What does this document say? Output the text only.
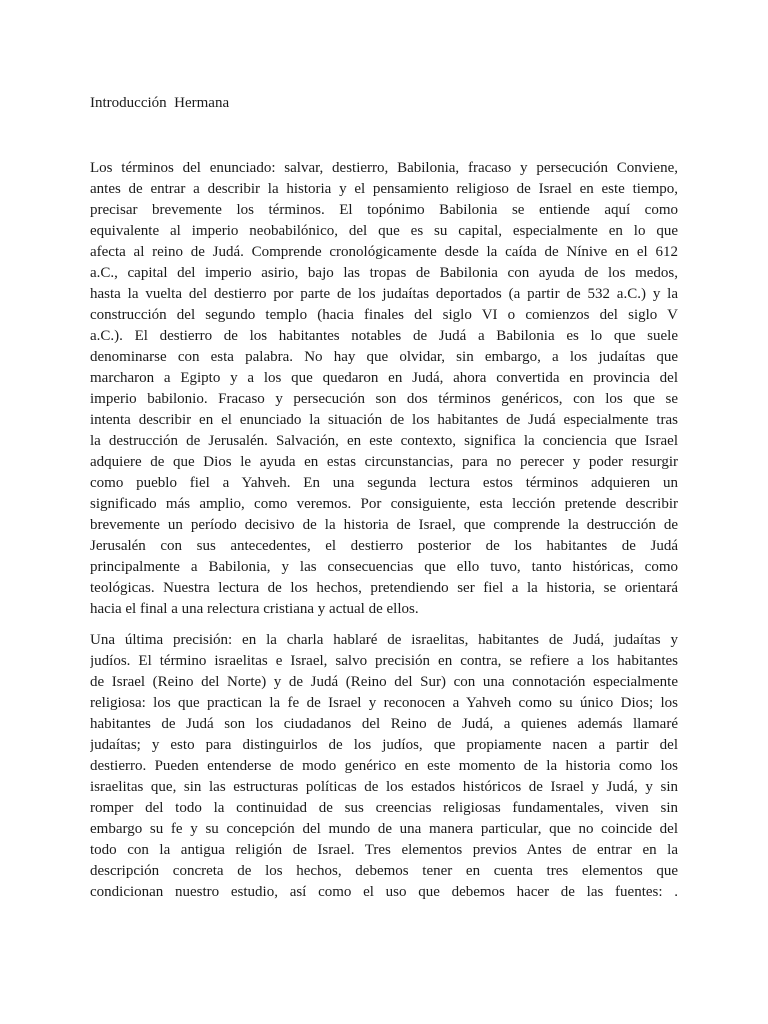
Introducción  Hermana
Los términos del enunciado: salvar, destierro, Babilonia, fracaso y persecución Conviene,
antes de entrar a describir la historia y el pensamiento religioso de Israel en este tiempo,
precisar brevemente los términos. El topónimo Babilonia se entiende aquí como
equivalente al imperio neobabilónico, del que es su capital, especialmente en lo que
afecta al reino de Judá. Comprende cronológicamente desde la caída de Nínive en el 612
a.C., capital del imperio asirio, bajo las tropas de Babilonia con ayuda de los medos,
hasta la vuelta del destierro por parte de los judaítas deportados (a partir de 532 a.C.) y la
construcción del segundo templo (hacia finales del siglo VI o comienzos del siglo V
a.C.). El destierro de los habitantes notables de Judá a Babilonia es lo que suele
denominarse con esta palabra. No hay que olvidar, sin embargo, a los judaítas que
marcharon a Egipto y a los que quedaron en Judá, ahora convertida en provincia del
imperio babilonio. Fracaso y persecución son dos términos genéricos, con los que se
intenta describir en el enunciado la situación de los habitantes de Judá especialmente tras
la destrucción de Jerusalén. Salvación, en este contexto, significa la conciencia que Israel
adquiere de que Dios le ayuda en estas circunstancias, para no perecer y poder resurgir
como pueblo fiel a Yahveh. En una segunda lectura estos términos adquieren un
significado más amplio, como veremos. Por consiguiente, esta lección pretende describir
brevemente un período decisivo de la historia de Israel, que comprende la destrucción de
Jerusalén con sus antecedentes, el destierro posterior de los habitantes de Judá
principalmente a Babilonia, y las consecuencias que ello tuvo, tanto históricas, como
teológicas. Nuestra lectura de los hechos, pretendiendo ser fiel a la historia, se orientará
hacia el final a una relectura cristiana y actual de ellos.
Una última precisión: en la charla hablaré de israelitas, habitantes de Judá, judaítas y
judíos. El término israelitas e Israel, salvo precisión en contra, se refiere a los habitantes
de Israel (Reino del Norte) y de Judá (Reino del Sur) con una connotación especialmente
religiosa: los que practican la fe de Israel y reconocen a Yahveh como su único Dios; los
habitantes de Judá son los ciudadanos del Reino de Judá, a quienes además llamaré
judaítas; y esto para distinguirlos de los judíos, que propiamente nacen a partir del
destierro. Pueden entenderse de modo genérico en este momento de la historia como los
israelitas que, sin las estructuras políticas de los estados históricos de Israel y Judá, y sin
romper del todo la continuidad de sus creencias religiosas fundamentales, viven sin
embargo su fe y su concepción del mundo de una manera particular, que no coincide del
todo con la antigua religión de Israel. Tres elementos previos Antes de entrar en la
descripción concreta de los hechos, debemos tener en cuenta tres elementos que
condicionan nuestro estudio, así como el uso que debemos hacer de las fuentes: .
